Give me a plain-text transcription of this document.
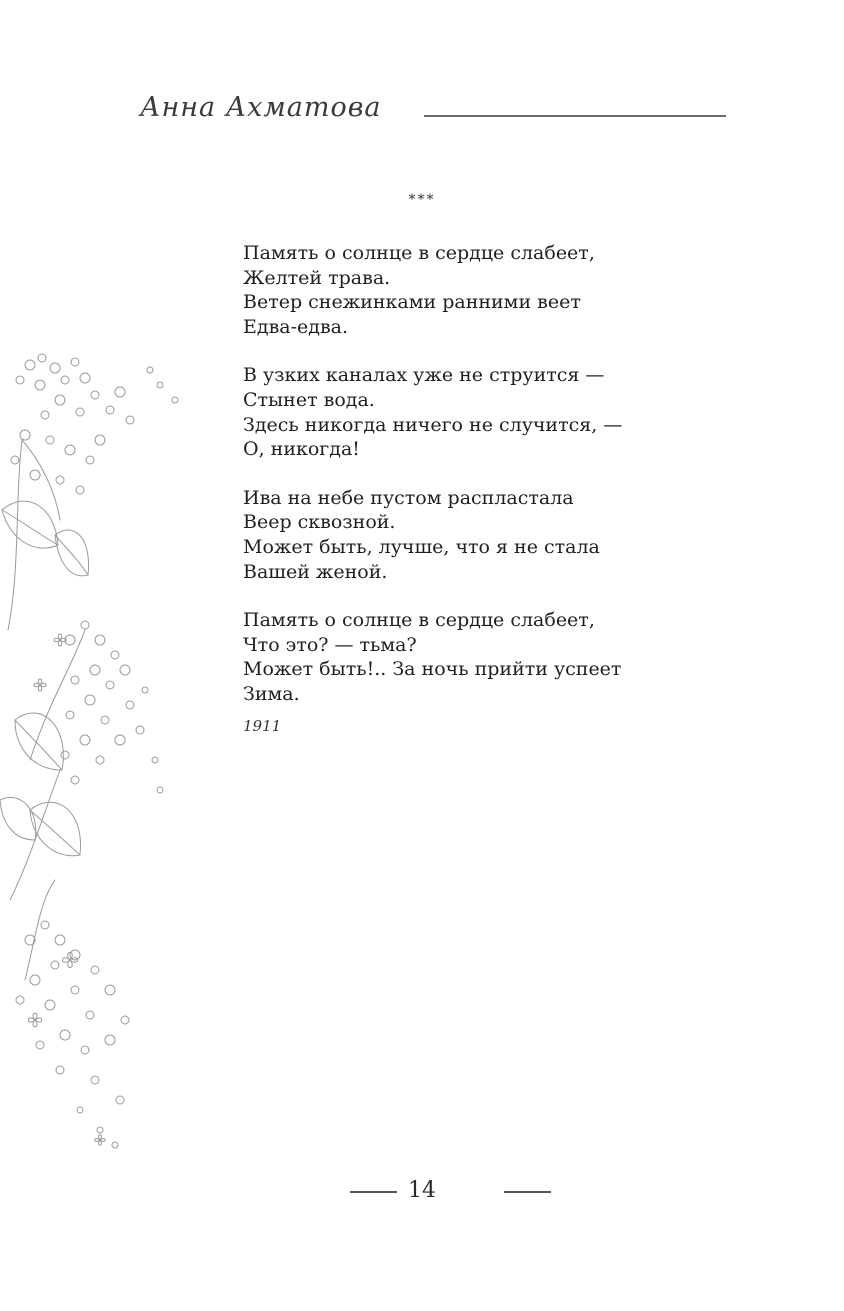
Анна Ахматова
***
Память о солнце в сердце слабеет,
Желтей трава.
Ветер снежинками ранними веет
Едва-едва.
В узких каналах уже не струится —
Стынет вода.
Здесь никогда ничего не случится, —
О, никогда!
Ива на небе пустом распластала
Веер сквозной.
Может быть, лучше, что я не стала
Вашей женой.
Память о солнце в сердце слабеет,
Что это? — тьма?
Может быть!.. За ночь прийти успеет
Зима.
1911
14
